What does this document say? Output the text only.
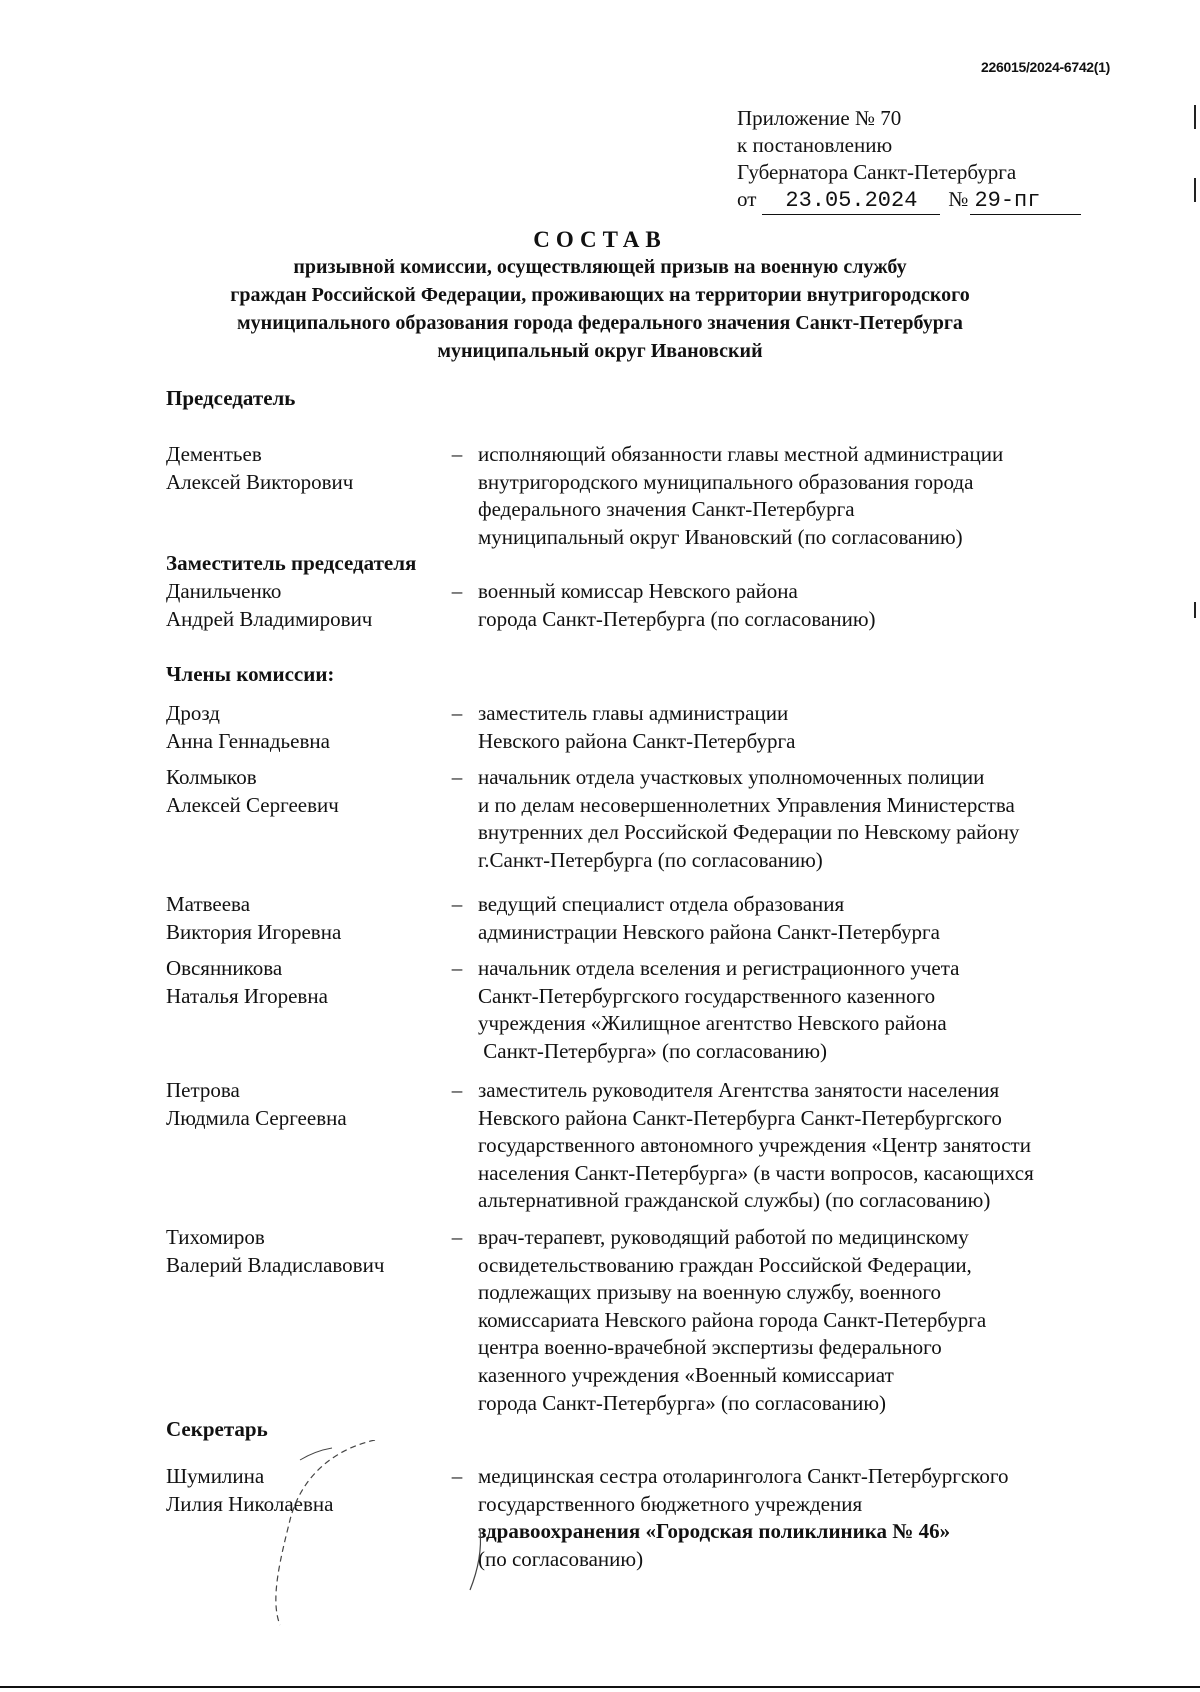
226015/2024-6742(1)
Приложение № 70
к постановлению
Губернатора Санкт-Петербурга
от 23.05.2024 № 29-пг
СОСТАВ
призывной комиссии, осуществляющей призыв на военную службу
граждан Российской Федерации, проживающих на территории внутригородского
муниципального образования города федерального значения Санкт-Петербурга
муниципальный округ Ивановский
Председатель
Дементьев
Алексей Викторович
– исполняющий обязанности главы местной администрации
внутригородского муниципального образования города
федерального значения Санкт-Петербурга
муниципальный округ Ивановский (по согласованию)
Заместитель председателя
Данильченко
Андрей Владимирович
– военный комиссар Невского района
города Санкт-Петербурга (по согласованию)
Члены комиссии:
Дрозд
Анна Геннадьевна
– заместитель главы администрации
Невского района Санкт-Петербурга
Колмыков
Алексей Сергеевич
– начальник отдела участковых уполномоченных полиции
и по делам несовершеннолетних Управления Министерства
внутренних дел Российской Федерации по Невскому району
г.Санкт-Петербурга (по согласованию)
Матвеева
Виктория Игоревна
– ведущий специалист отдела образования
администрации Невского района Санкт-Петербурга
Овсянникова
Наталья Игоревна
– начальник отдела вселения и регистрационного учета
Санкт-Петербургского государственного казенного
учреждения «Жилищное агентство Невского района
Санкт-Петербурга» (по согласованию)
Петрова
Людмила Сергеевна
– заместитель руководителя Агентства занятости населения
Невского района Санкт-Петербурга Санкт-Петербургского
государственного автономного учреждения «Центр занятости
населения Санкт-Петербурга» (в части вопросов, касающихся
альтернативной гражданской службы) (по согласованию)
Тихомиров
Валерий Владиславович
– врач-терапевт, руководящий работой по медицинскому
освидетельствованию граждан Российской Федерации,
подлежащих призыву на военную службу, военного
комиссариата Невского района города Санкт-Петербурга
центра военно-врачебной экспертизы федерального
казенного учреждения «Военный комиссариат
города Санкт-Петербурга» (по согласованию)
Секретарь
Шумилина
Лилия Николаевна
– медицинская сестра отоларинголога Санкт-Петербургского
государственного бюджетного учреждения
здравоохранения «Городская поликлиника № 46»
(по согласованию)
